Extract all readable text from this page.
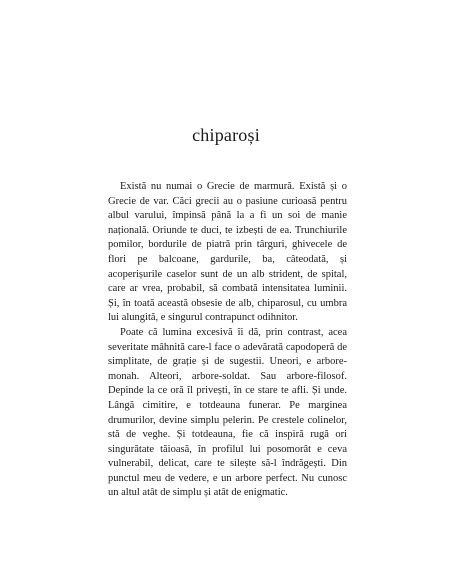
chiparoși

Există nu numai o Grecie de marmură. Există și o Grecie de var. Căci grecii au o pasiune curioasă pentru albul varului, împinsă până la a fi un soi de manie națională. Oriunde te duci, te izbești de ea. Trunchiurile pomilor, bordurile de piatră prin târguri, ghivecele de flori pe balcoane, gardurile, ba, câteodată, și acoperișurile caselor sunt de un alb strident, de spital, care ar vrea, probabil, să combată intensitatea luminii. Și, în toată această obsesie de alb, chiparosul, cu umbra lui alungită, e singurul contrapunct odihnitor.

Poate că lumina excesivă îi dă, prin contrast, acea severitate mâhnită care-l face o adevărată capodoperă de simplitate, de grație și de sugestii. Uneori, e arbore-monah. Alteori, arbore-soldat. Sau arbore-filosof. Depinde la ce oră îl privești, în ce stare te afli. Și unde. Lângă cimitire, e totdeauna funerar. Pe marginea drumurilor, devine simplu pelerin. Pe crestele colinelor, stă de veghe. Și totdeauna, fie că inspiră rugă ori singurătate tăioasă, în profilul lui posomorât e ceva vulnerabil, delicat, care te silește să-l îndrăgești. Din punctul meu de vedere, e un arbore perfect. Nu cunosc un altul atât de simplu și atât de enigmatic.
